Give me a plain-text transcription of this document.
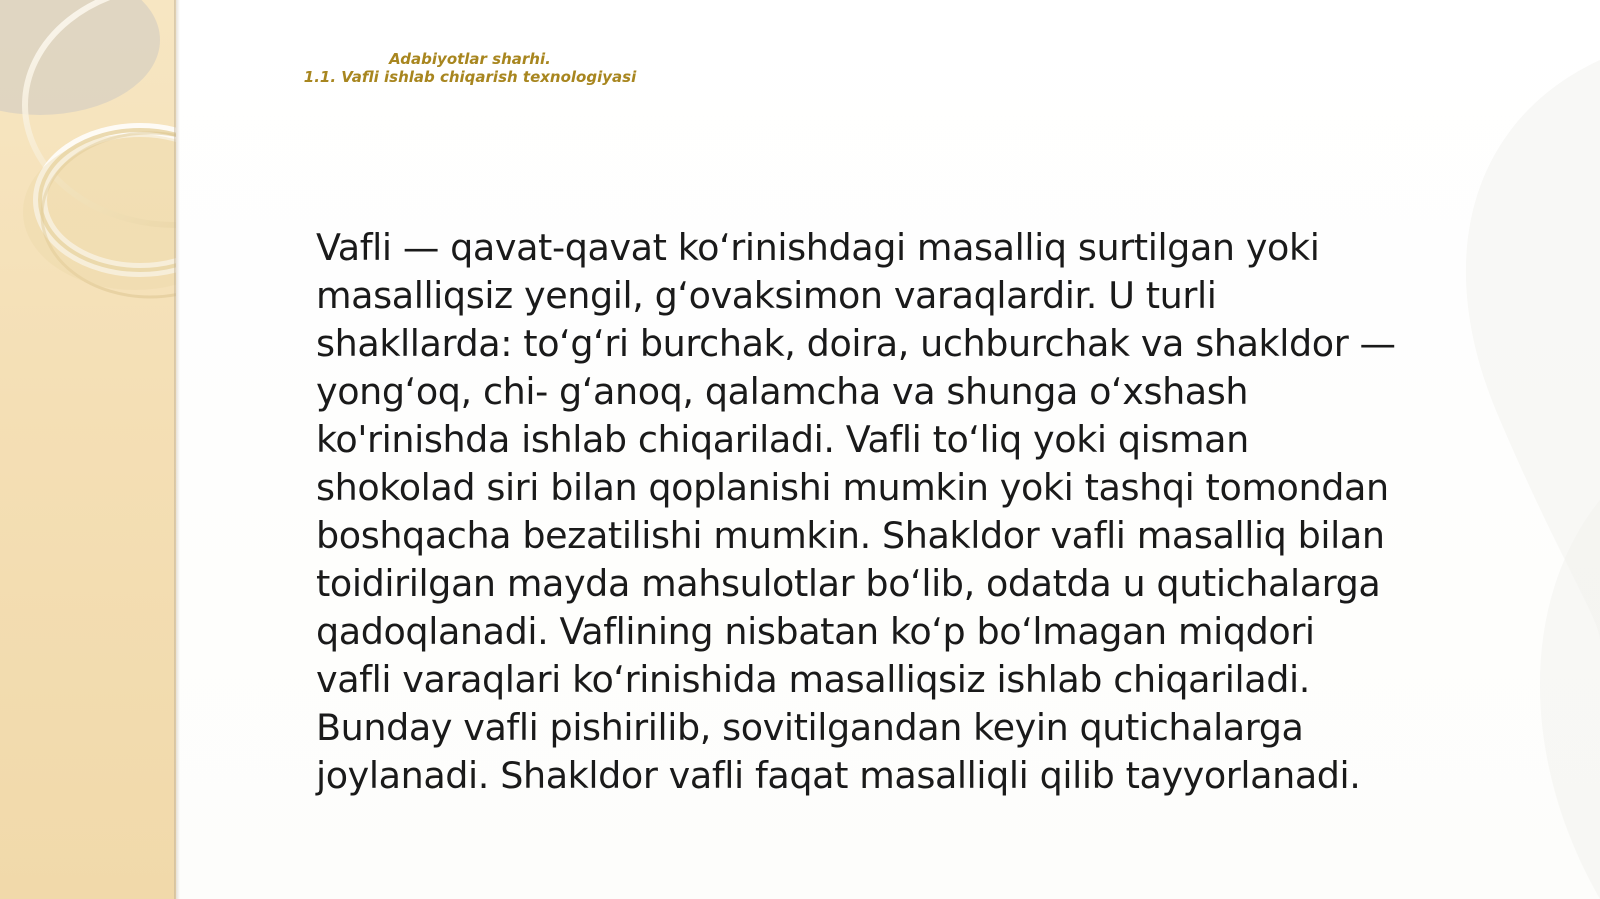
Adabiyotlar sharhi.
1.1. Vafli ishlab chiqarish texnologiyasi

Vafli — qavat-qavat koʻrinishdagi masalliq surtilgan yoki masalliqsiz yengil, gʻovaksimon varaqlardir. U turli shakllarda: toʻgʻri burchak, doira, uchburchak va shakldor — yongʻoq, chi- gʻanoq, qalamcha va shunga oʻxshash ko'rinishda ishlab chiqariladi. Vafli toʻliq yoki qisman shokolad siri bilan qoplanishi mumkin yoki tashqi tomondan boshqacha bezatilishi mumkin. Shakldor vafli masalliq bilan toidirilgan mayda mahsulotlar boʻlib, odatda u qutichalarga qadoqlanadi. Vaflining nisbatan koʻp boʻlmagan miqdori vafli varaqlari koʻrinishida masalliqsiz ishlab chiqariladi. Bunday vafli pishirilib, sovitilgandan keyin qutichalarga joylanadi. Shakldor vafli faqat masalliqli qilib tayyorlanadi.
